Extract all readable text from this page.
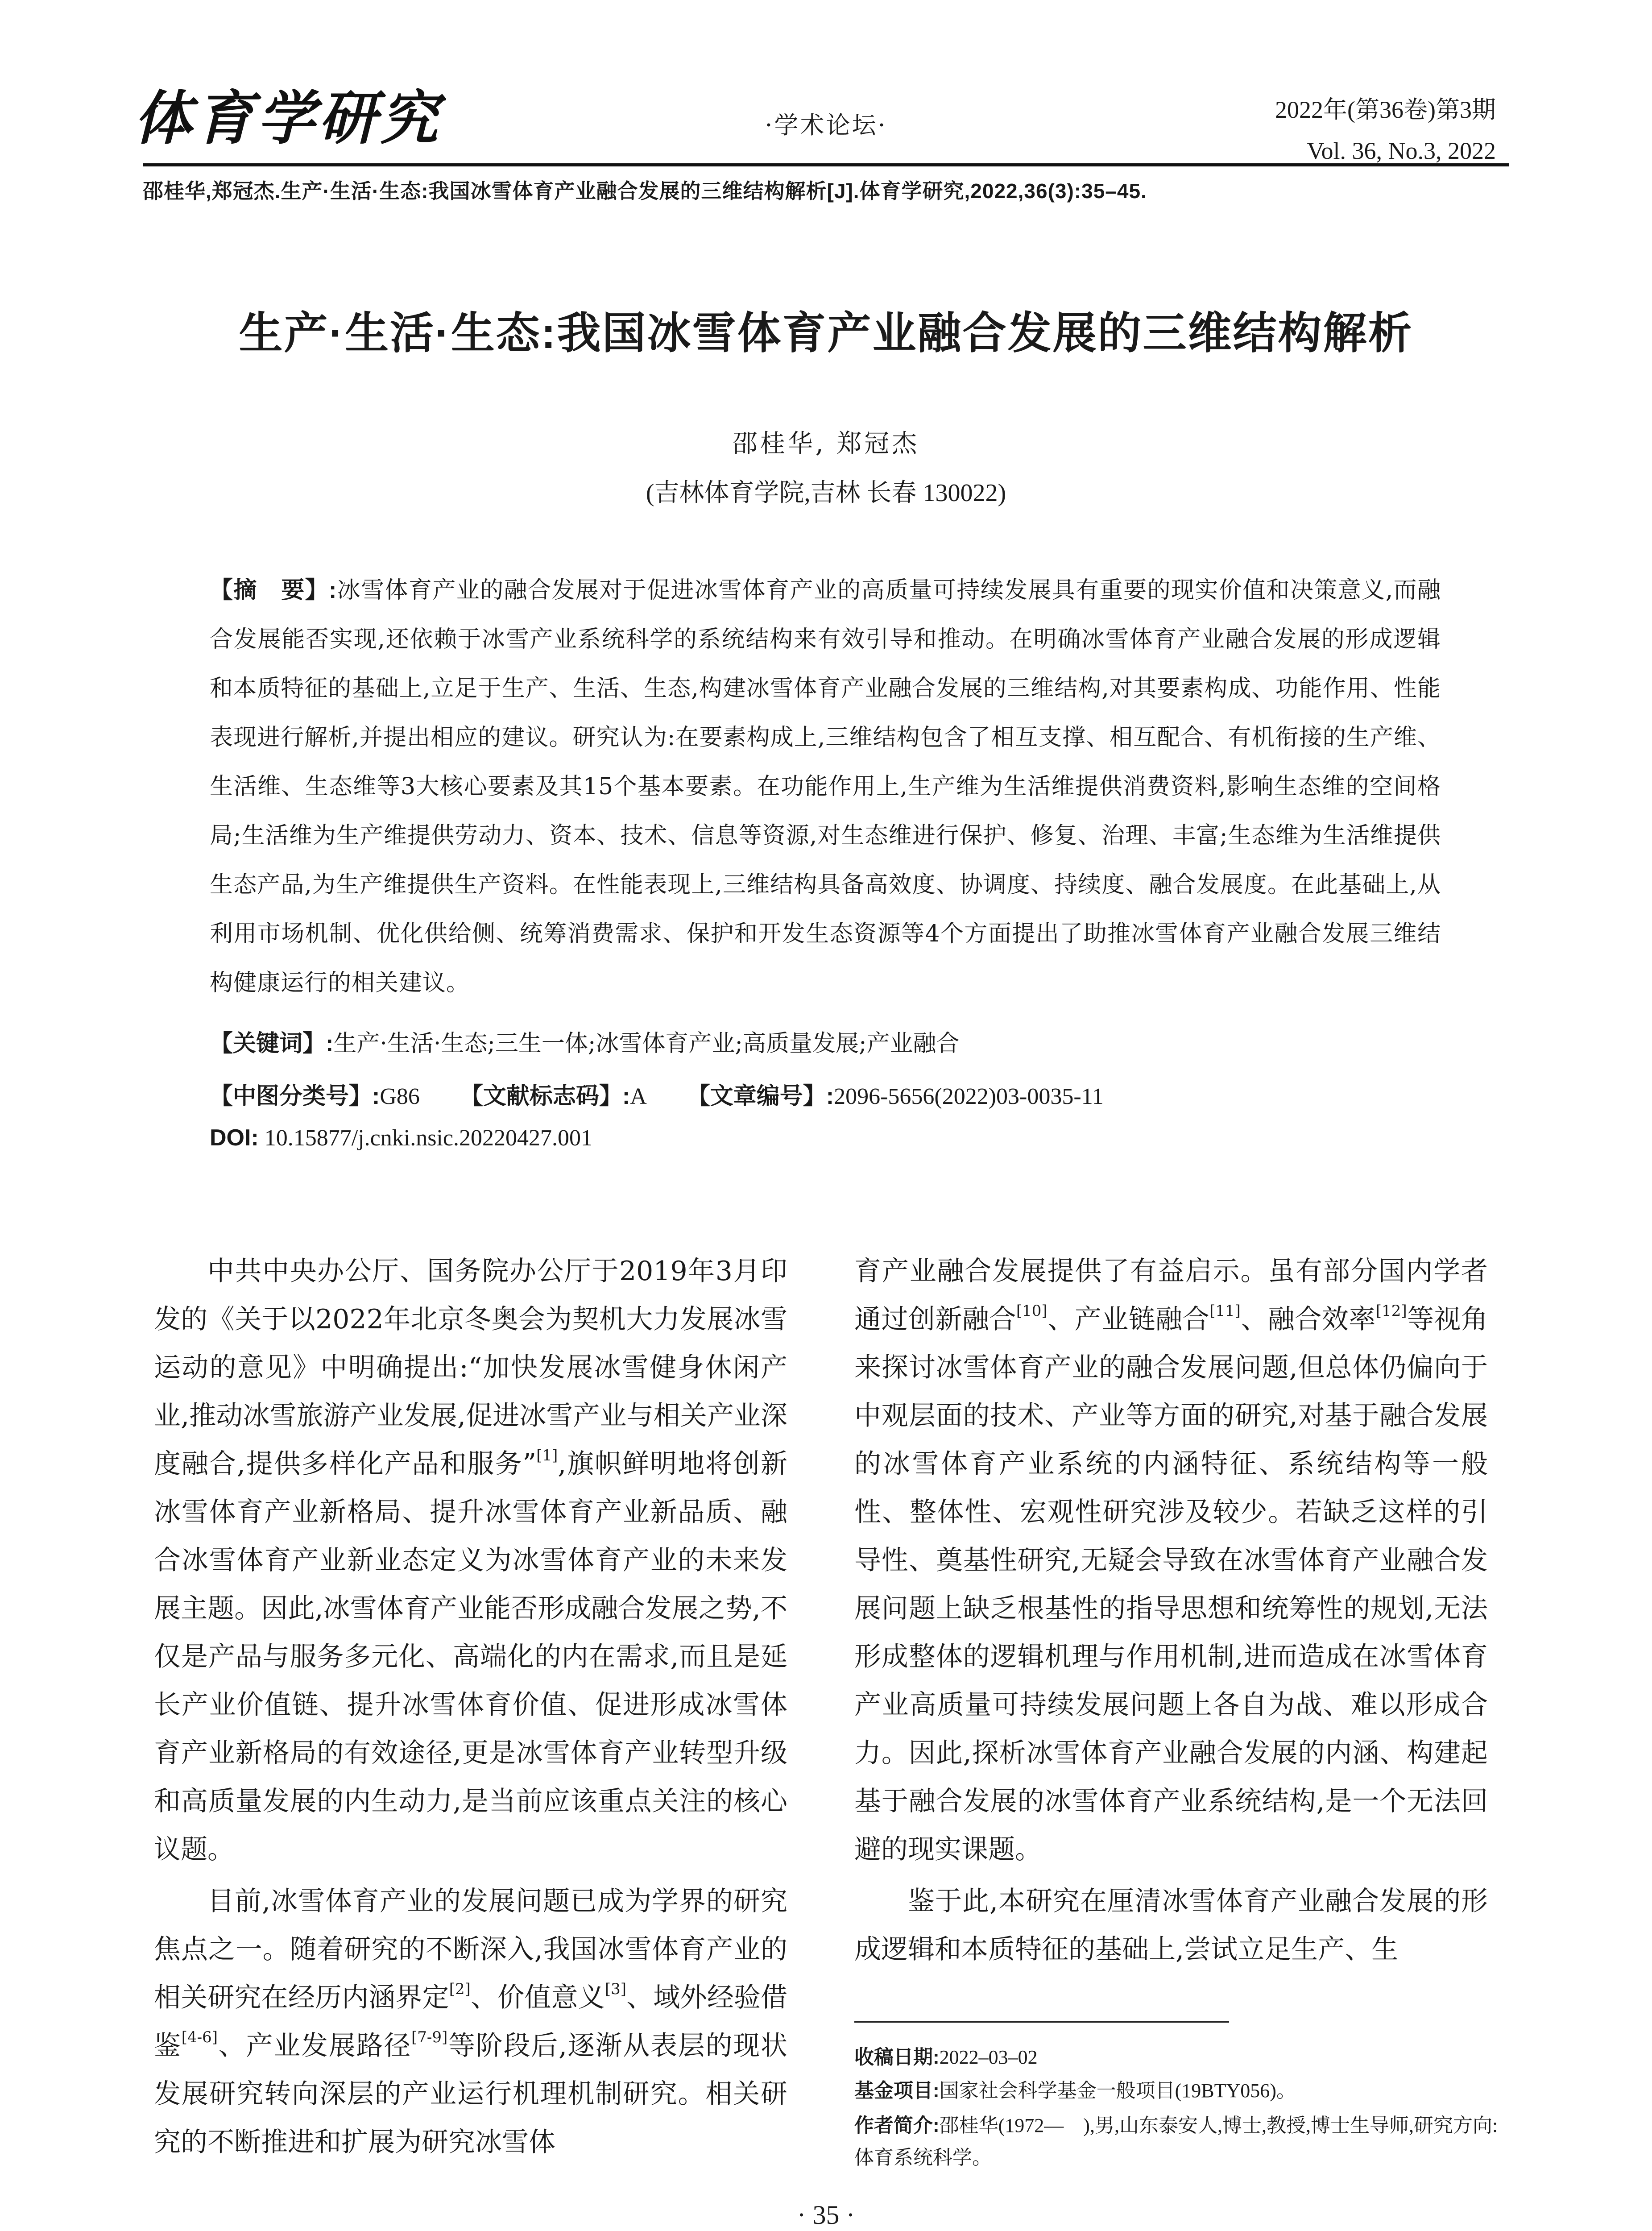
体育学研究	·学术论坛·
2022年(第36卷)第3期
Vol. 36, No.3, 2022
邵桂华,郑冠杰.生产·生活·生态:我国冰雪体育产业融合发展的三维结构解析[J].体育学研究,2022,36(3):35–45.
生产·生活·生态:我国冰雪体育产业融合发展的三维结构解析
邵桂华, 郑冠杰
(吉林体育学院,吉林 长春 130022)
【摘　要】:冰雪体育产业的融合发展对于促进冰雪体育产业的高质量可持续发展具有重要的现实价值和决策意义,而融合发展能否实现,还依赖于冰雪产业系统科学的系统结构来有效引导和推动。在明确冰雪体育产业融合发展的形成逻辑和本质特征的基础上,立足于生产、生活、生态,构建冰雪体育产业融合发展的三维结构,对其要素构成、功能作用、性能表现进行解析,并提出相应的建议。研究认为:在要素构成上,三维结构包含了相互支撑、相互配合、有机衔接的生产维、生活维、生态维等3大核心要素及其15个基本要素。在功能作用上,生产维为生活维提供消费资料,影响生态维的空间格局;生活维为生产维提供劳动力、资本、技术、信息等资源,对生态维进行保护、修复、治理、丰富;生态维为生活维提供生态产品,为生产维提供生产资料。在性能表现上,三维结构具备高效度、协调度、持续度、融合发展度。在此基础上,从利用市场机制、优化供给侧、统筹消费需求、保护和开发生态资源等4个方面提出了助推冰雪体育产业融合发展三维结构健康运行的相关建议。
【关键词】:生产·生活·生态;三生一体;冰雪体育产业;高质量发展;产业融合
【中图分类号】:G86 【文献标志码】:A 【文章编号】:2096-5656(2022)03-0035-11
DOI: 10.15877/j.cnki.nsic.20220427.001

中共中央办公厅、国务院办公厅于2019年3月印发的《关于以2022年北京冬奥会为契机大力发展冰雪运动的意见》中明确提出:“加快发展冰雪健身休闲产业,推动冰雪旅游产业发展,促进冰雪产业与相关产业深度融合,提供多样化产品和服务”[1],旗帜鲜明地将创新冰雪体育产业新格局、提升冰雪体育产业新品质、融合冰雪体育产业新业态定义为冰雪体育产业的未来发展主题。因此,冰雪体育产业能否形成融合发展之势,不仅是产品与服务多元化、高端化的内在需求,而且是延长产业价值链、提升冰雪体育价值、促进形成冰雪体育产业新格局的有效途径,更是冰雪体育产业转型升级和高质量发展的内生动力,是当前应该重点关注的核心议题。

目前,冰雪体育产业的发展问题已成为学界的研究焦点之一。随着研究的不断深入,我国冰雪体育产业的相关研究在经历内涵界定[2]、价值意义[3]、域外经验借鉴[4-6]、产业发展路径[7-9]等阶段后,逐渐从表层的现状发展研究转向深层的产业运行机理机制研究。相关研究的不断推进和扩展为研究冰雪体

育产业融合发展提供了有益启示。虽有部分国内学者通过创新融合[10]、产业链融合[11]、融合效率[12]等视角来探讨冰雪体育产业的融合发展问题,但总体仍偏向于中观层面的技术、产业等方面的研究,对基于融合发展的冰雪体育产业系统的内涵特征、系统结构等一般性、整体性、宏观性研究涉及较少。若缺乏这样的引导性、奠基性研究,无疑会导致在冰雪体育产业融合发展问题上缺乏根基性的指导思想和统筹性的规划,无法形成整体的逻辑机理与作用机制,进而造成在冰雪体育产业高质量可持续发展问题上各自为战、难以形成合力。因此,探析冰雪体育产业融合发展的内涵、构建起基于融合发展的冰雪体育产业系统结构,是一个无法回避的现实课题。

鉴于此,本研究在厘清冰雪体育产业融合发展的形成逻辑和本质特征的基础上,尝试立足生产、生

收稿日期:2022–03–02
基金项目:国家社会科学基金一般项目(19BTY056)。
作者简介:邵桂华(1972—　),男,山东泰安人,博士,教授,博士生导师,研究方向:体育系统科学。
· 35 ·
